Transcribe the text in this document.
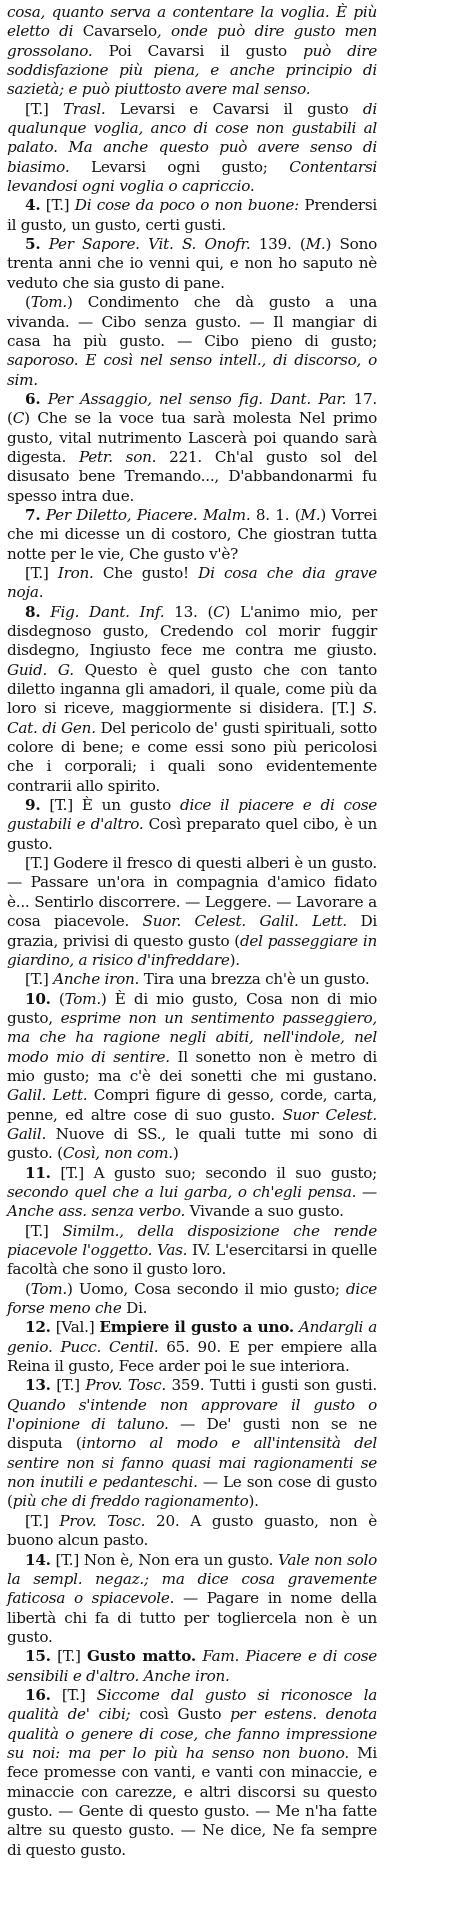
cosa, quanto serva a contentare la voglia. È più eletto di Cavarselo, onde può dire gusto men grossolano. Poi Cavarsi il gusto può dire soddisfazione più piena, e anche principio di sazietà; e può piuttosto avere mal senso.

[T.] Trasl. Levarsi e Cavarsi il gusto di qualunque voglia, anco di cose non gustabili al palato. Ma anche questo può avere senso di biasimo. Levarsi ogni gusto; Contentarsi levandosi ogni voglia o capriccio.

4. [T.] Di cose da poco o non buone: Prendersi il gusto, un gusto, certi gusti.

5. Per Sapore. Vit. S. Onofr. 139. (M.) Sono trenta anni che io venni qui, e non ho saputo nè veduto che sia gusto di pane.

(Tom.) Condimento che dà gusto a una vivanda. — Cibo senza gusto. — Il mangiar di casa ha più gusto. — Cibo pieno di gusto; saporoso. E così nel senso intell., di discorso, o sim.

6. Per Assaggio, nel senso fig. Dant. Par. 17. (C) Che se la voce tua sarà molesta Nel primo gusto, vital nutrimento Lascerà poi quando sarà digesta. Petr. son. 221. Ch'al gusto sol del disusato bene Tremando..., D'abbandonarmi fu spesso intra due.

7. Per Diletto, Piacere. Malm. 8. 1. (M.) Vorrei che mi dicesse un di costoro, Che giostran tutta notte per le vie, Che gusto v'è?

[T.] Iron. Che gusto! Di cosa che dia grave noja.

8. Fig. Dant. Inf. 13. (C) L'animo mio, per disdegnoso gusto, Credendo col morir fuggir disdegno, Ingiusto fece me contra me giusto. Guid. G. Questo è quel gusto che con tanto diletto inganna gli amadori, il quale, come più da loro si riceve, maggiormente si disidera. [T.] S. Cat. di Gen. Del pericolo de' gusti spirituali, sotto colore di bene; e come essi sono più pericolosi che i corporali; i quali sono evidentemente contrarii allo spirito.

9. [T.] È un gusto dice il piacere e di cose gustabili e d'altro. Così preparato quel cibo, è un gusto.

[T.] Godere il fresco di questi alberi è un gusto. — Passare un'ora in compagnia d'amico fidato è... Sentirlo discorrere. — Leggere. — Lavorare a cosa piacevole. Suor. Celest. Galil. Lett. Di grazia, privisi di questo gusto (del passeggiare in giardino, a risico d'infreddare).

[T.] Anche iron. Tira una brezza ch'è un gusto.

10. (Tom.) È di mio gusto, Cosa non di mio gusto, esprime non un sentimento passeggiero, ma che ha ragione negli abiti, nell'indole, nel modo mio di sentire. Il sonetto non è metro di mio gusto; ma c'è dei sonetti che mi gustano. Galil. Lett. Compri figure di gesso, corde, carta, penne, ed altre cose di suo gusto. Suor Celest. Galil. Nuove di SS., le quali tutte mi sono di gusto. (Così, non com.)

11. [T.] A gusto suo; secondo il suo gusto; secondo quel che a lui garba, o ch'egli pensa. — Anche ass. senza verbo. Vivande a suo gusto.

[T.] Similm., della disposizione che rende piacevole l'oggetto. Vas. IV. L'esercitarsi in quelle facoltà che sono il gusto loro.

(Tom.) Uomo, Cosa secondo il mio gusto; dice forse meno che Di.

12. [Val.] Empiere il gusto a uno. Andargli a genio. Pucc. Centil. 65. 90. E per empiere alla Reina il gusto, Fece arder poi le sue interiora.

13. [T.] Prov. Tosc. 359. Tutti i gusti son gusti. Quando s'intende non approvare il gusto o l'opinione di taluno. — De' gusti non se ne disputa (intorno al modo e all'intensità del sentire non si fanno quasi mai ragionamenti se non inutili e pedanteschi. — Le son cose di gusto (più che di freddo ragionamento).

[T.] Prov. Tosc. 20. A gusto guasto, non è buono alcun pasto.

14. [T.] Non è, Non era un gusto. Vale non solo la sempl. negaz.; ma dice cosa gravemente faticosa o spiacevole. — Pagare in nome della libertà chi fa di tutto per togliercela non è un gusto.

15. [T.] Gusto matto. Fam. Piacere e di cose sensibili e d'altro. Anche iron.

16. [T.] Siccome dal gusto si riconosce la qualità de' cibi; così Gusto per estens. denota qualità o genere di cose, che fanno impressione su noi: ma per lo più ha senso non buono. Mi fece promesse con vanti, e vanti con minaccie, e minaccie con carezze, e altri discorsi su questo gusto. — Gente di questo gusto. — Me n'ha fatte altre su questo gusto. — Ne dice, Ne fa sempre di questo gusto.
